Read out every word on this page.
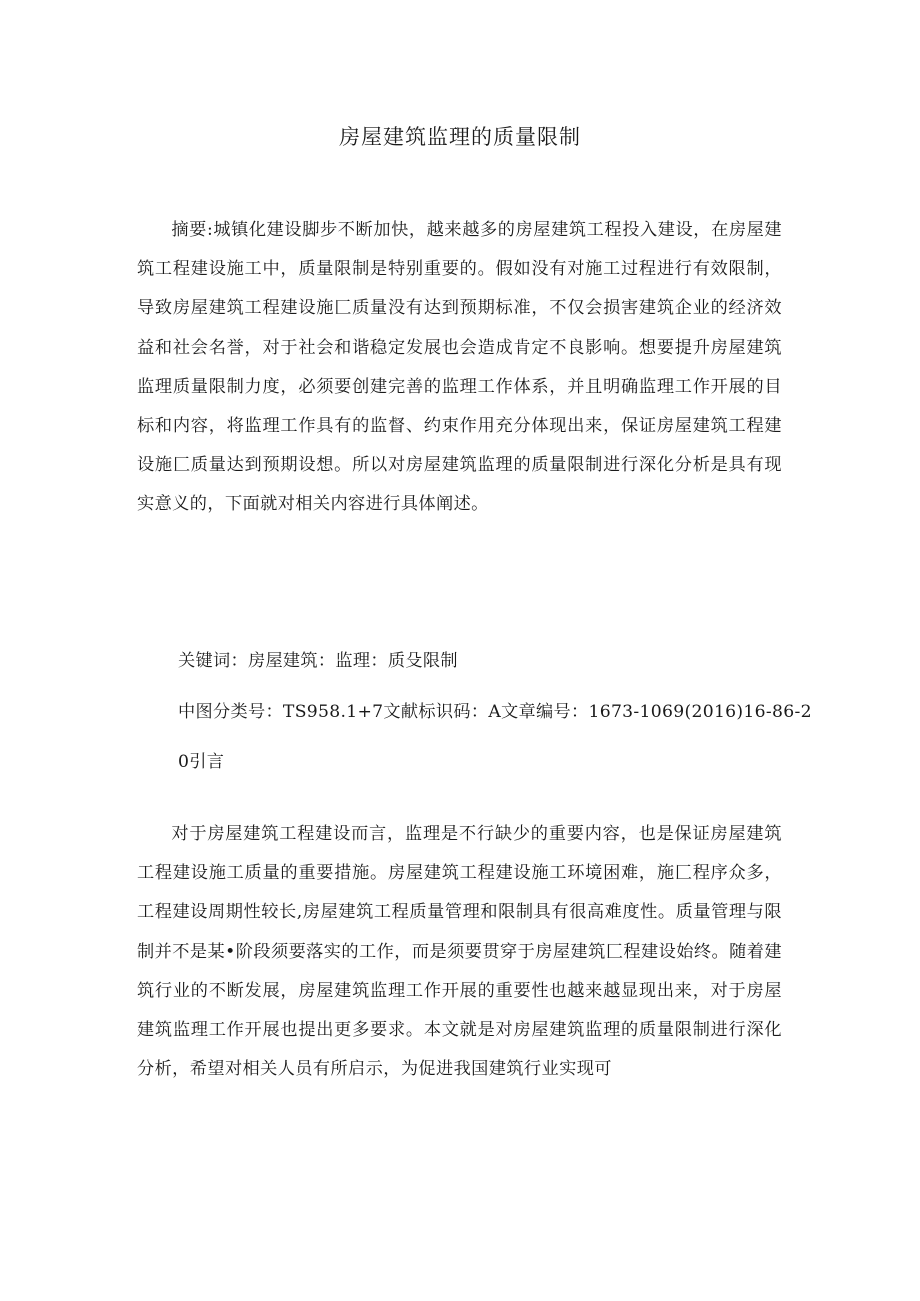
房屋建筑监理的质量限制
摘要:城镇化建设脚步不断加快，越来越多的房屋建筑工程投入建设，在房屋建筑工程建设施工中，质量限制是特别重要的。假如没有对施工过程进行有效限制，导致房屋建筑工程建设施匚质量没有达到预期标准，不仅会损害建筑企业的经济效益和社会名誉，对于社会和谐稳定发展也会造成肯定不良影响。想要提升房屋建筑监理质量限制力度，必须要创建完善的监理工作体系，并且明确监理工作开展的目标和内容，将监理工作具有的监督、约束作用充分体现出来，保证房屋建筑工程建设施匚质量达到预期设想。所以对房屋建筑监理的质量限制进行深化分析是具有现实意义的，下面就对相关内容进行具体阐述。
关键词：房屋建筑：监理：质殳限制
中图分类号：TS958.1+7文献标识码：A文章编号：1673-1069(2016)16-86-2
0引言
对于房屋建筑工程建设而言，监理是不行缺少的重要内容，也是保证房屋建筑工程建设施工质量的重要措施。房屋建筑工程建设施工环境困难，施匚程序众多，工程建设周期性较长,房屋建筑工程质量管理和限制具有很高难度性。质量管理与限制并不是某•阶段须要落实的工作，而是须要贯穿于房屋建筑匚程建设始终。随着建筑行业的不断发展，房屋建筑监理工作开展的重要性也越来越显现出来，对于房屋建筑监理工作开展也提出更多要求。本文就是对房屋建筑监理的质量限制进行深化分析，希望对相关人员有所启示，为促进我国建筑行业实现可
